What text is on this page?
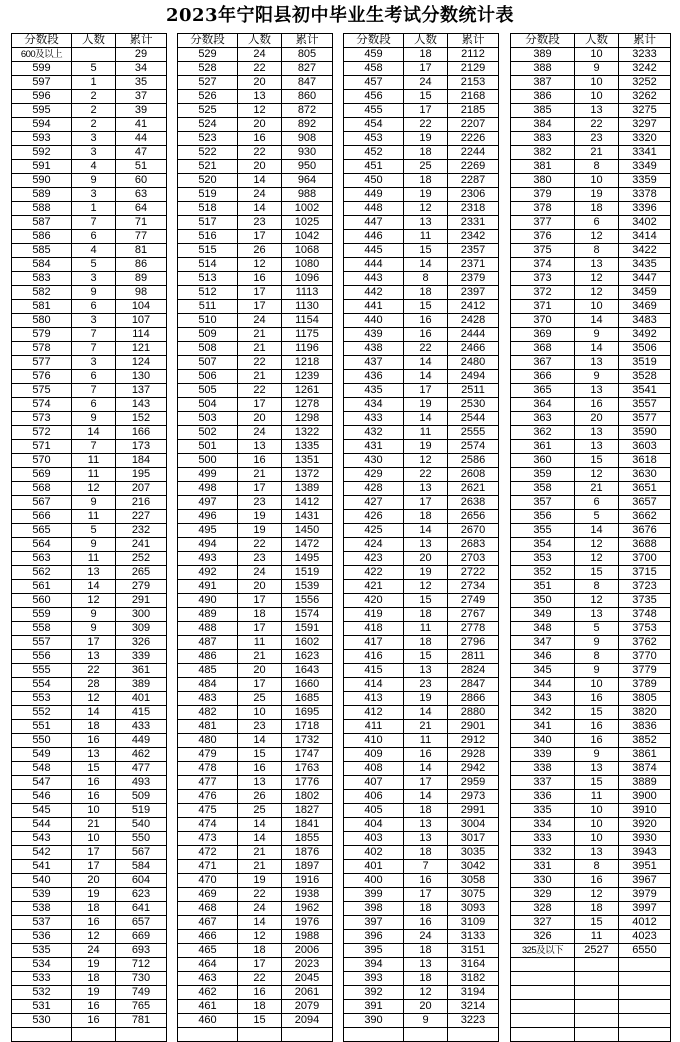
2023年宁阳县初中毕业生考试分数统计表
分数段	人数	累计
600及以上		29
599	5	34
597	1	35
596	2	37
595	2	39
594	2	41
593	3	44
592	3	47
591	4	51
590	9	60
589	3	63
588	1	64
587	7	71
586	6	77
585	4	81
584	5	86
583	3	89
582	9	98
581	6	104
580	3	107
579	7	114
578	7	121
577	3	124
576	6	130
575	7	137
574	6	143
573	9	152
572	14	166
571	7	173
570	11	184
569	11	195
568	12	207
567	9	216
566	11	227
565	5	232
564	9	241
563	11	252
562	13	265
561	14	279
560	12	291
559	9	300
558	9	309
557	17	326
556	13	339
555	22	361
554	28	389
553	12	401
552	14	415
551	18	433
550	16	449
549	13	462
548	15	477
547	16	493
546	16	509
545	10	519
544	21	540
543	10	550
542	17	567
541	17	584
540	20	604
539	19	623
538	18	641
537	16	657
536	12	669
535	24	693
534	19	712
533	18	730
532	19	749
531	16	765
530	16	781

分数段	人数	累计
529	24	805
528	22	827
527	20	847
526	13	860
525	12	872
524	20	892
523	16	908
522	22	930
521	20	950
520	14	964
519	24	988
518	14	1002
517	23	1025
516	17	1042
515	26	1068
514	12	1080
513	16	1096
512	17	1113
511	17	1130
510	24	1154
509	21	1175
508	21	1196
507	22	1218
506	21	1239
505	22	1261
504	17	1278
503	20	1298
502	24	1322
501	13	1335
500	16	1351
499	21	1372
498	17	1389
497	23	1412
496	19	1431
495	19	1450
494	22	1472
493	23	1495
492	24	1519
491	20	1539
490	17	1556
489	18	1574
488	17	1591
487	11	1602
486	21	1623
485	20	1643
484	17	1660
483	25	1685
482	10	1695
481	23	1718
480	14	1732
479	15	1747
478	16	1763
477	13	1776
476	26	1802
475	25	1827
474	14	1841
473	14	1855
472	21	1876
471	21	1897
470	19	1916
469	22	1938
468	24	1962
467	14	1976
466	12	1988
465	18	2006
464	17	2023
463	22	2045
462	16	2061
461	18	2079
460	15	2094

分数段	人数	累计
459	18	2112
458	17	2129
457	24	2153
456	15	2168
455	17	2185
454	22	2207
453	19	2226
452	18	2244
451	25	2269
450	18	2287
449	19	2306
448	12	2318
447	13	2331
446	11	2342
445	15	2357
444	14	2371
443	8	2379
442	18	2397
441	15	2412
440	16	2428
439	16	2444
438	22	2466
437	14	2480
436	14	2494
435	17	2511
434	19	2530
433	14	2544
432	11	2555
431	19	2574
430	12	2586
429	22	2608
428	13	2621
427	17	2638
426	18	2656
425	14	2670
424	13	2683
423	20	2703
422	19	2722
421	12	2734
420	15	2749
419	18	2767
418	11	2778
417	18	2796
416	15	2811
415	13	2824
414	23	2847
413	19	2866
412	14	2880
411	21	2901
410	11	2912
409	16	2928
408	14	2942
407	17	2959
406	14	2973
405	18	2991
404	13	3004
403	13	3017
402	18	3035
401	7	3042
400	16	3058
399	17	3075
398	18	3093
397	16	3109
396	24	3133
395	18	3151
394	13	3164
393	18	3182
392	12	3194
391	20	3214
390	9	3223

分数段	人数	累计
389	10	3233
388	9	3242
387	10	3252
386	10	3262
385	13	3275
384	22	3297
383	23	3320
382	21	3341
381	8	3349
380	10	3359
379	19	3378
378	18	3396
377	6	3402
376	12	3414
375	8	3422
374	13	3435
373	12	3447
372	12	3459
371	10	3469
370	14	3483
369	9	3492
368	14	3506
367	13	3519
366	9	3528
365	13	3541
364	16	3557
363	20	3577
362	13	3590
361	13	3603
360	15	3618
359	12	3630
358	21	3651
357	6	3657
356	5	3662
355	14	3676
354	12	3688
353	12	3700
352	15	3715
351	8	3723
350	12	3735
349	13	3748
348	5	3753
347	9	3762
346	8	3770
345	9	3779
344	10	3789
343	16	3805
342	15	3820
341	16	3836
340	16	3852
339	9	3861
338	13	3874
337	15	3889
336	11	3900
335	10	3910
334	10	3920
333	10	3930
332	13	3943
331	8	3951
330	16	3967
329	12	3979
328	18	3997
327	15	4012
326	11	4023
325及以下	2527	6550
